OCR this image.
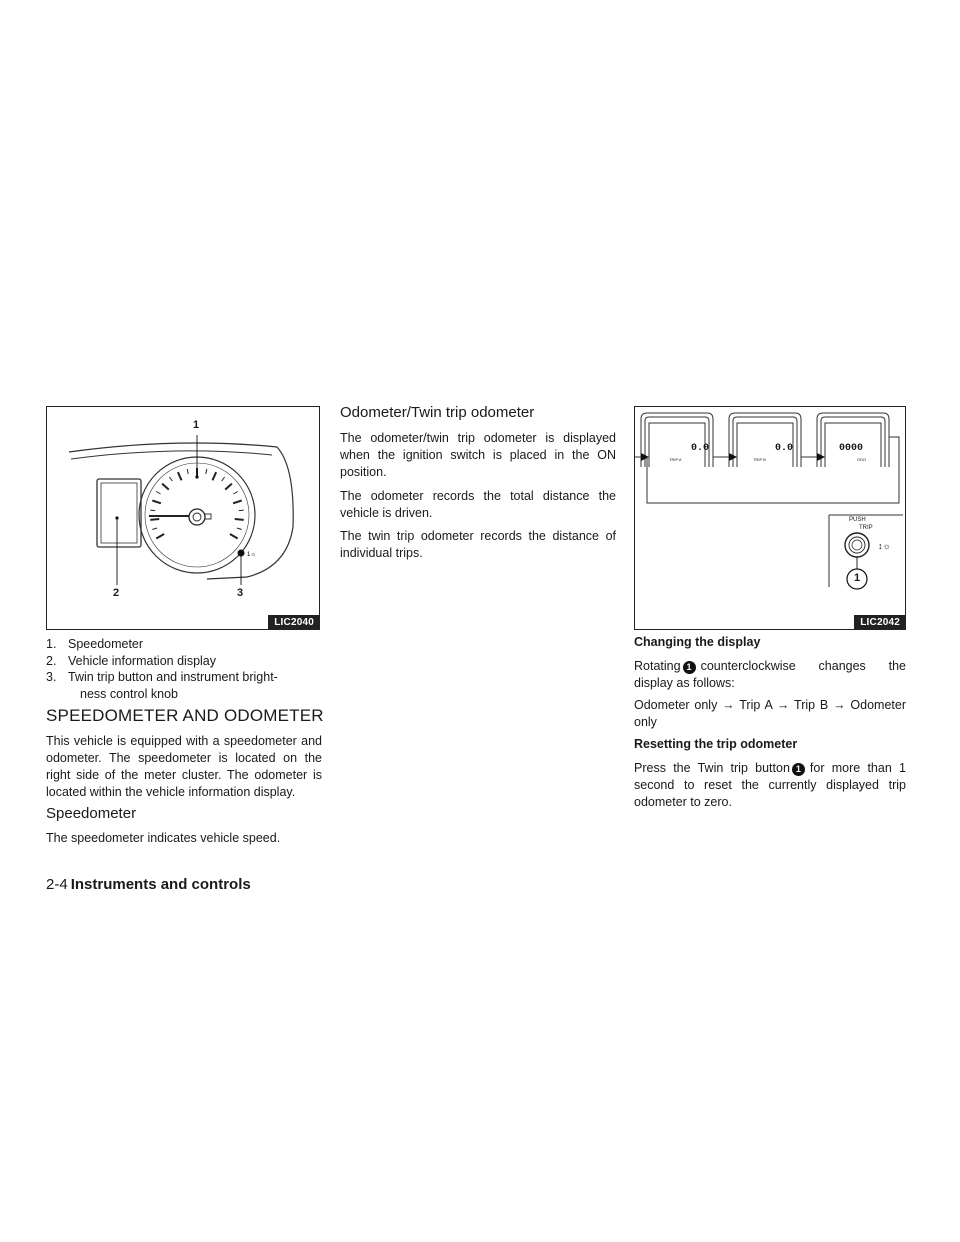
1☼
1
2	3
LIC2040
1. Speedometer
2. Vehicle information display
3. Twin trip button and instrument bright-
ness control knob
SPEEDOMETER AND ODOMETER

This vehicle is equipped with a speedometer and odometer. The speedometer is located on the right side of the meter cluster. The odometer is located within the vehicle information display.

Speedometer

The speedometer indicates vehicle speed.

Odometer/Twin trip odometer

The odometer/twin trip odometer is displayed when the ignition switch is placed in the ON position.

The odometer records the total distance the vehicle is driven.

The twin trip odometer records the distance of individual trips.	↕☼
0.0
TRIP A
0.0
TRIP B
0000
ODO
PUSH
TRIP
1
LIC2042
Changing the display

Rotating 1 counterclockwise changes the display as follows:

Odometer only → Trip A → Trip B → Odometer only

Resetting the trip odometer

Press the Twin trip button 1 for more than 1 second to reset the currently displayed trip odometer to zero.

2-4 Instruments and controls
